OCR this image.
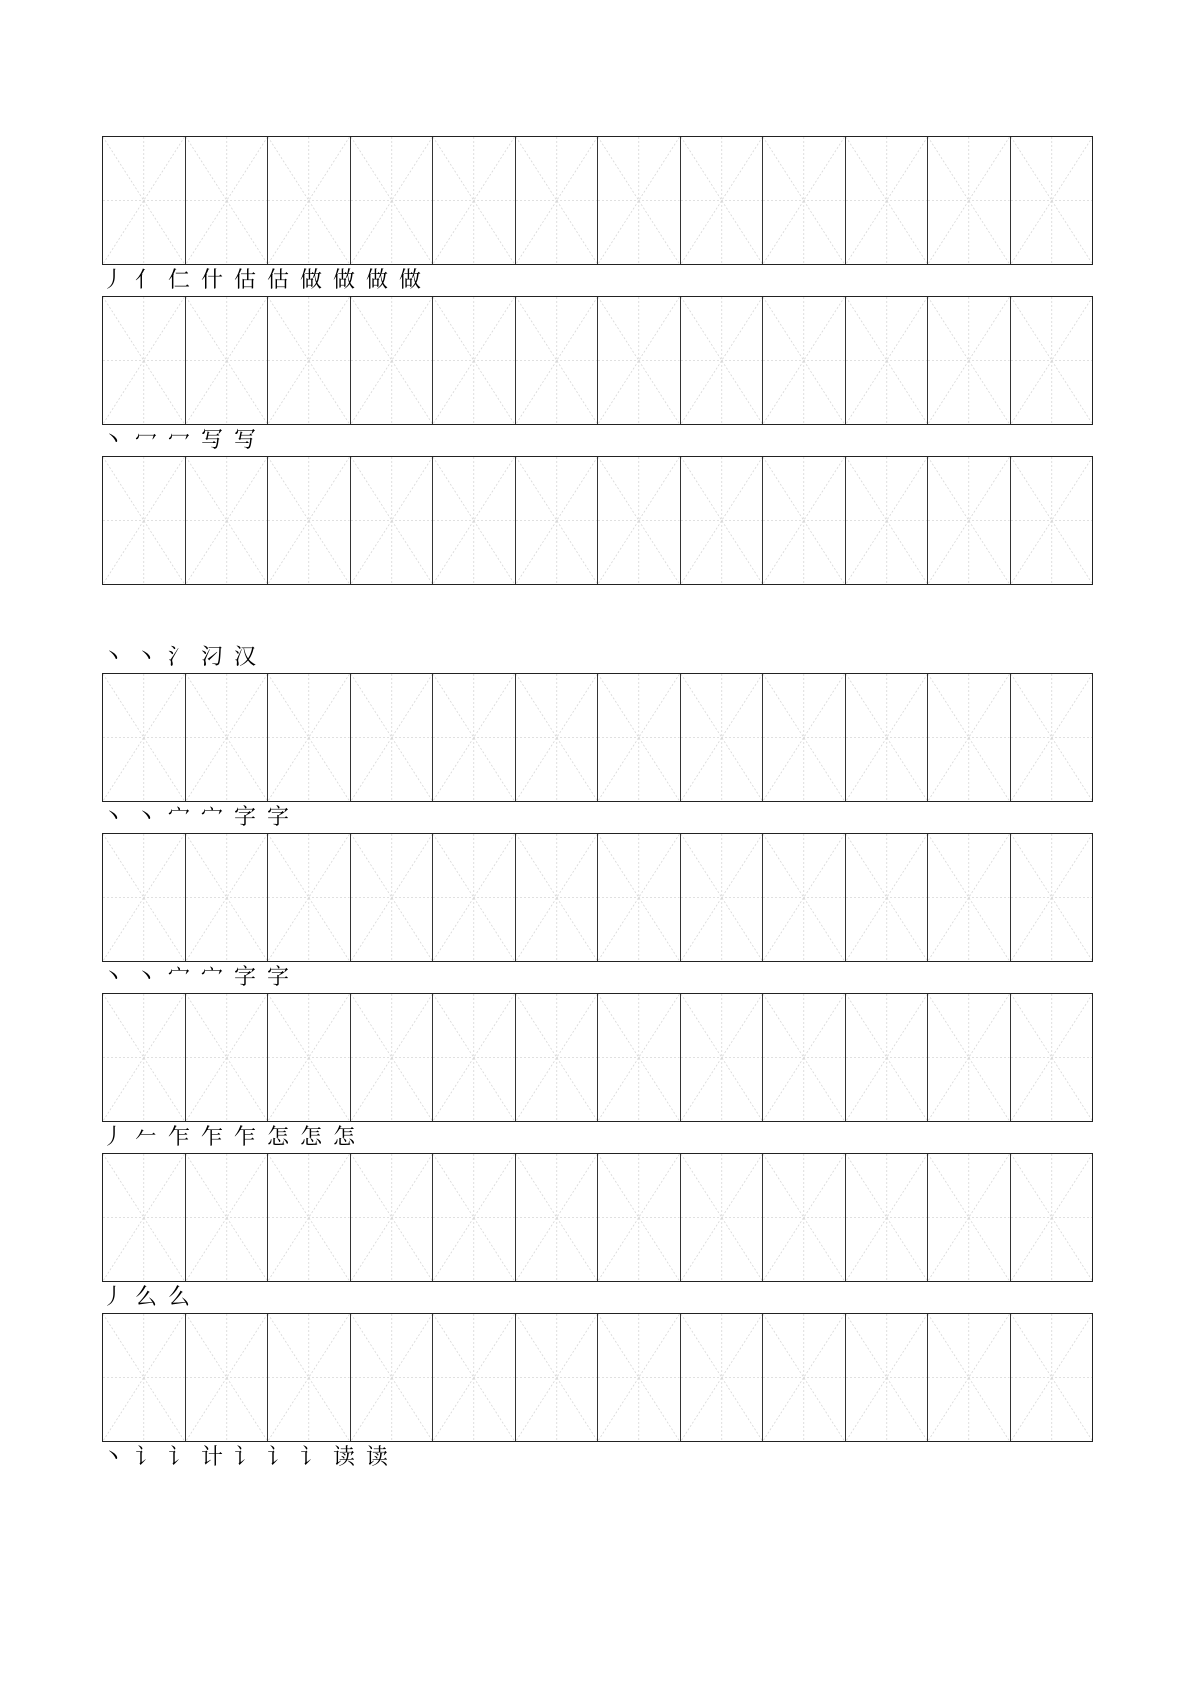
丿 亻 仁 什 估 估 做 做 做 做
丶 冖 冖 写 写
丶 丶 氵 汈 汉
丶 丶 宀 宀 字 字
丶 丶 宀 宀 字 字
丿 𠂉 乍 乍 乍 怎 怎 怎
丿 么 么
丶 讠 讠 计 讠 讠 讠 读 读
